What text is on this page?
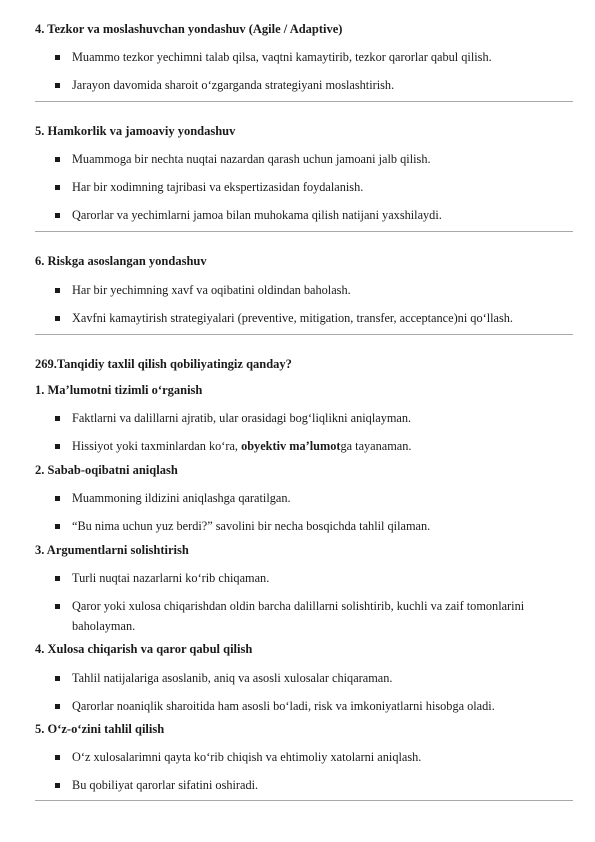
4. Tezkor va moslashuvchan yondashuv (Agile / Adaptive)
Muammo tezkor yechimni talab qilsa, vaqtni kamaytirib, tezkor qarorlar qabul qilish.
Jarayon davomida sharoit o‘zgarganda strategiyani moslashtirish.
5. Hamkorlik va jamoaviy yondashuv
Muammoga bir nechta nuqtai nazardan qarash uchun jamoani jalb qilish.
Har bir xodimning tajribasi va ekspertizasidan foydalanish.
Qarorlar va yechimlarni jamoa bilan muhokama qilish natijani yaxshilaydi.
6. Riskga asoslangan yondashuv
Har bir yechimning xavf va oqibatini oldindan baholash.
Xavfni kamaytirish strategiyalari (preventive, mitigation, transfer, acceptance)ni qo‘llash.
269.Tanqidiy taxlil qilish qobiliyatingiz qanday?
1. Ma’lumotni tizimli o‘rganish
Faktlarni va dalillarni ajratib, ular orasidagi bog‘liqlikni aniqlayman.
Hissiyot yoki taxminlardan ko‘ra, obyektiv ma’lumotga tayanaman.
2. Sabab-oqibatni aniqlash
Muammoning ildizini aniqlashga qaratilgan.
“Bu nima uchun yuz berdi?” savolini bir necha bosqichda tahlil qilaman.
3. Argumentlarni solishtirish
Turli nuqtai nazarlarni ko‘rib chiqaman.
Qaror yoki xulosa chiqarishdan oldin barcha dalillarni solishtirib, kuchli va zaif tomonlarini baholayman.
4. Xulosa chiqarish va qaror qabul qilish
Tahlil natijalariga asoslanib, aniq va asosli xulosalar chiqaraman.
Qarorlar noaniqlik sharoitida ham asosli bo‘ladi, risk va imkoniyatlarni hisobga oladi.
5. O‘z-o‘zini tahlil qilish
O‘z xulosalarimni qayta ko‘rib chiqish va ehtimoliy xatolarni aniqlash.
Bu qobiliyat qarorlar sifatini oshiradi.
